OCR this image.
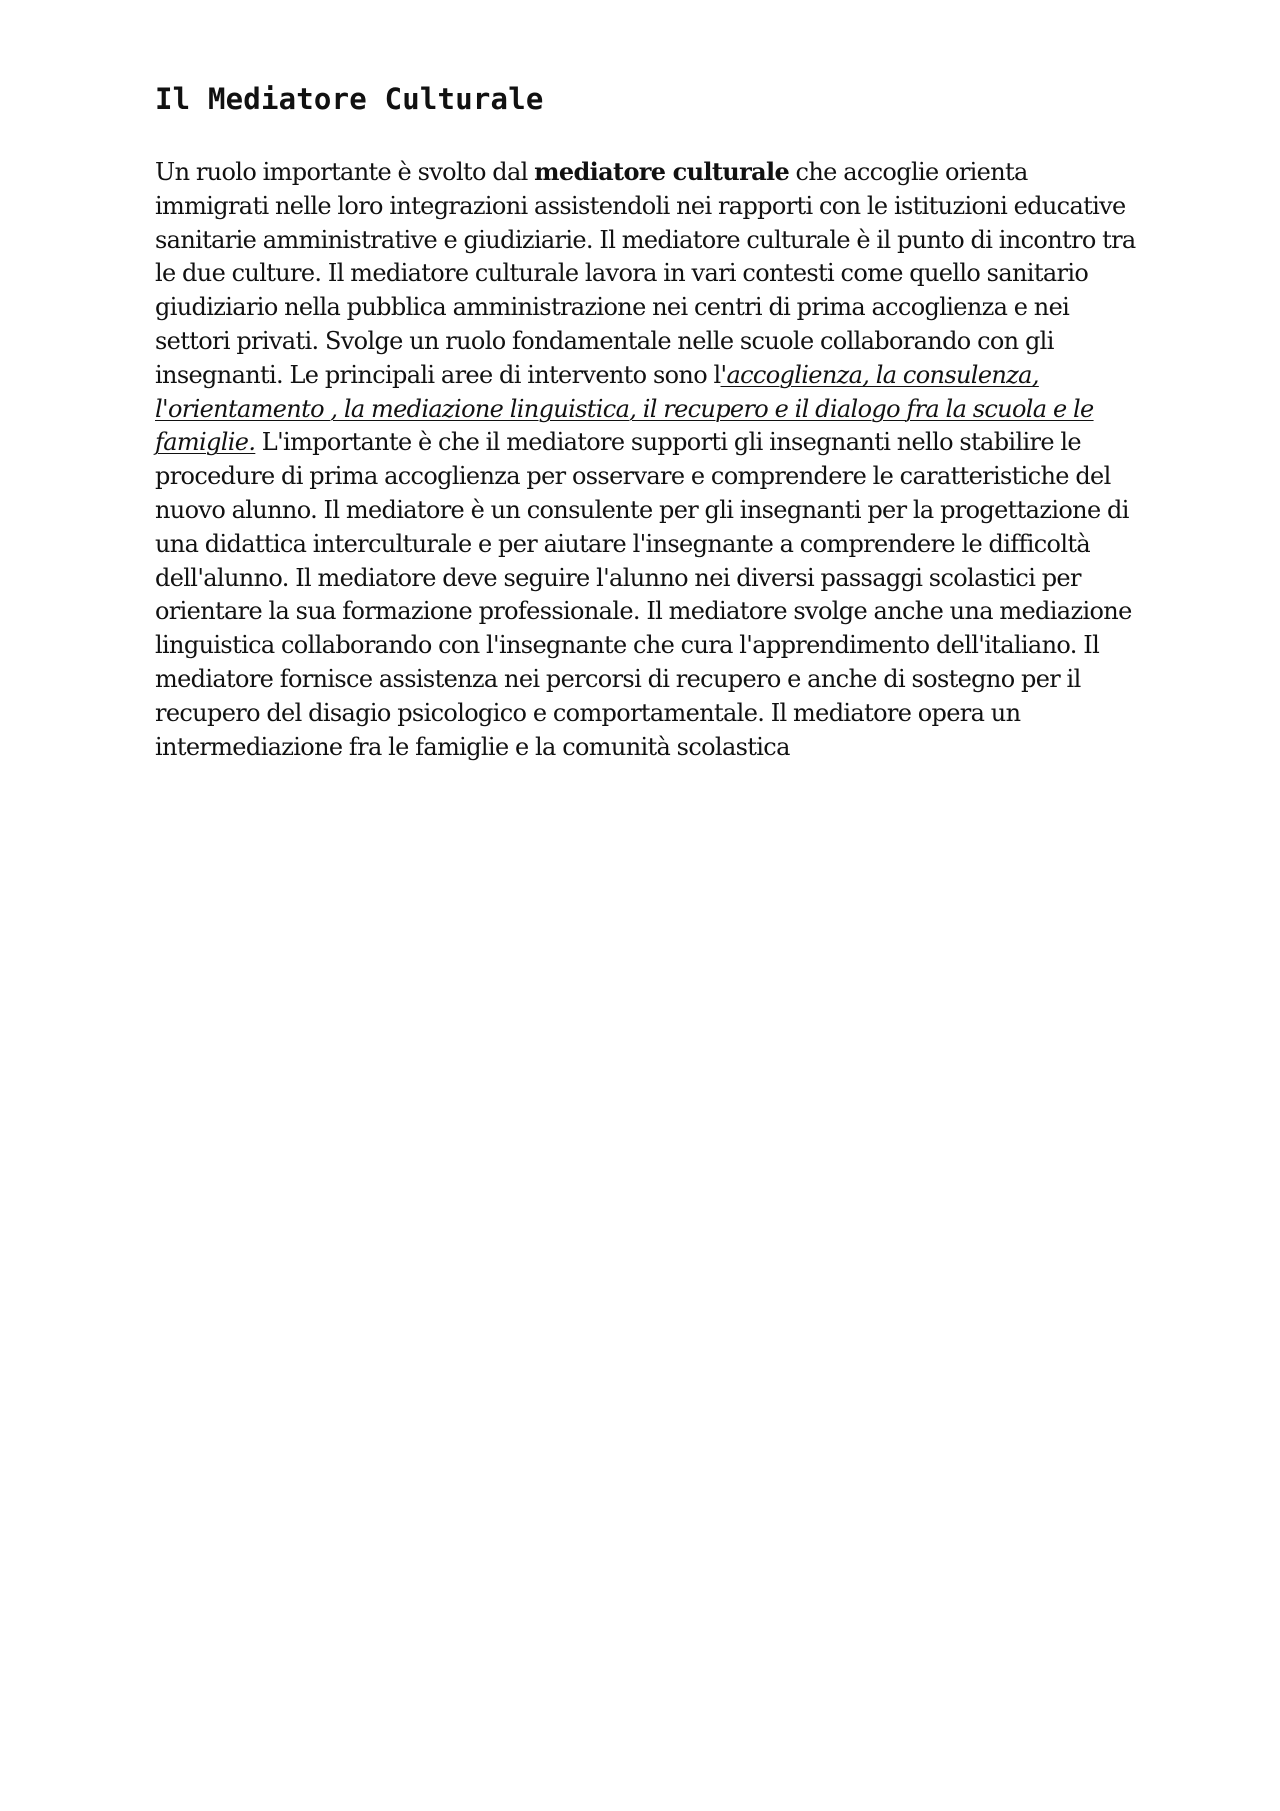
Il Mediatore Culturale

Un ruolo importante è svolto dal mediatore culturale che accoglie orienta immigrati nelle loro integrazioni assistendoli nei rapporti con le istituzioni educative sanitarie amministrative e giudiziarie. Il mediatore culturale è il punto di incontro tra le due culture. Il mediatore culturale lavora in vari contesti come quello sanitario giudiziario nella pubblica amministrazione nei centri di prima accoglienza e nei settori privati. Svolge un ruolo fondamentale nelle scuole collaborando con gli insegnanti. Le principali aree di intervento sono l'accoglienza, la consulenza, l'orientamento , la mediazione linguistica, il recupero e il dialogo fra la scuola e le famiglie. L'importante è che il mediatore supporti gli insegnanti nello stabilire le procedure di prima accoglienza per osservare e comprendere le caratteristiche del nuovo alunno. Il mediatore è un consulente per gli insegnanti per la progettazione di una didattica interculturale e per aiutare l'insegnante a comprendere le difficoltà dell'alunno. Il mediatore deve seguire l'alunno nei diversi passaggi scolastici per orientare la sua formazione professionale. Il mediatore svolge anche una mediazione linguistica collaborando con l'insegnante che cura l'apprendimento dell'italiano. Il mediatore fornisce assistenza nei percorsi di recupero e anche di sostegno per il recupero del disagio psicologico e comportamentale. Il mediatore opera un intermediazione fra le famiglie e la comunità scolastica
